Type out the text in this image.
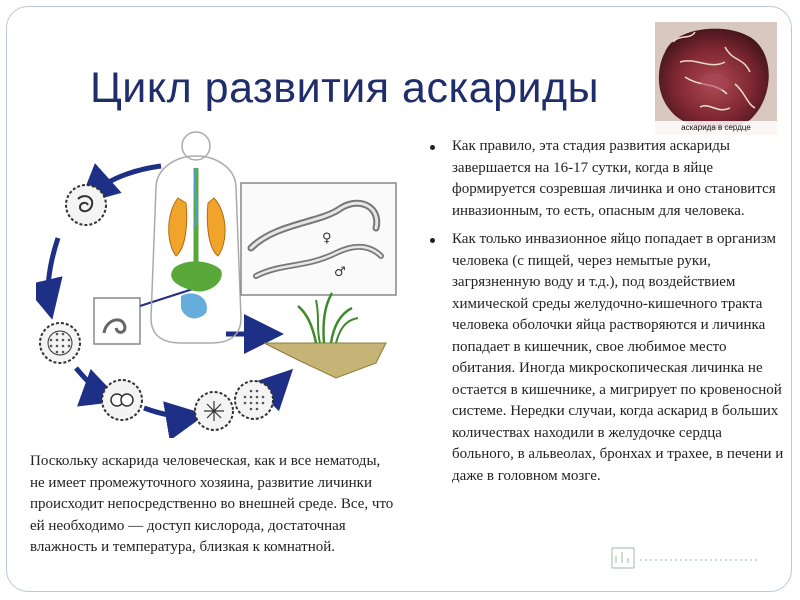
Цикл развития аскариды
аскарида в сердце
♀
♂
Как правило, эта стадия развития аскариды завершается на 16-17 сутки, когда в яйце формируется созревшая личинка и оно становится инвазионным, то есть, опасным для человека.
Как только инвазионное яйцо попадает в организм человека (с пищей, через немытые руки, загрязненную воду и т.д.), под воздействием химической среды желудочно-кишечного тракта человека оболочки яйца растворяются и личинка попадает в кишечник, свое любимое место обитания. Иногда микроскопическая личинка не остается в кишечнике, а мигрирует по кровеносной системе. Нередки случаи, когда аскарид в больших количествах находили в желудочке сердца больного, в альвеолах, бронхах и трахее, в печени и даже в головном мозге.
Поскольку аскарида человеческая, как и все нематоды, не имеет промежуточного хозяина, развитие личинки происходит непосредственно во внешней среде. Все, что ей необходимо — доступ кислорода, достаточная влажность и температура, близкая к комнатной.
